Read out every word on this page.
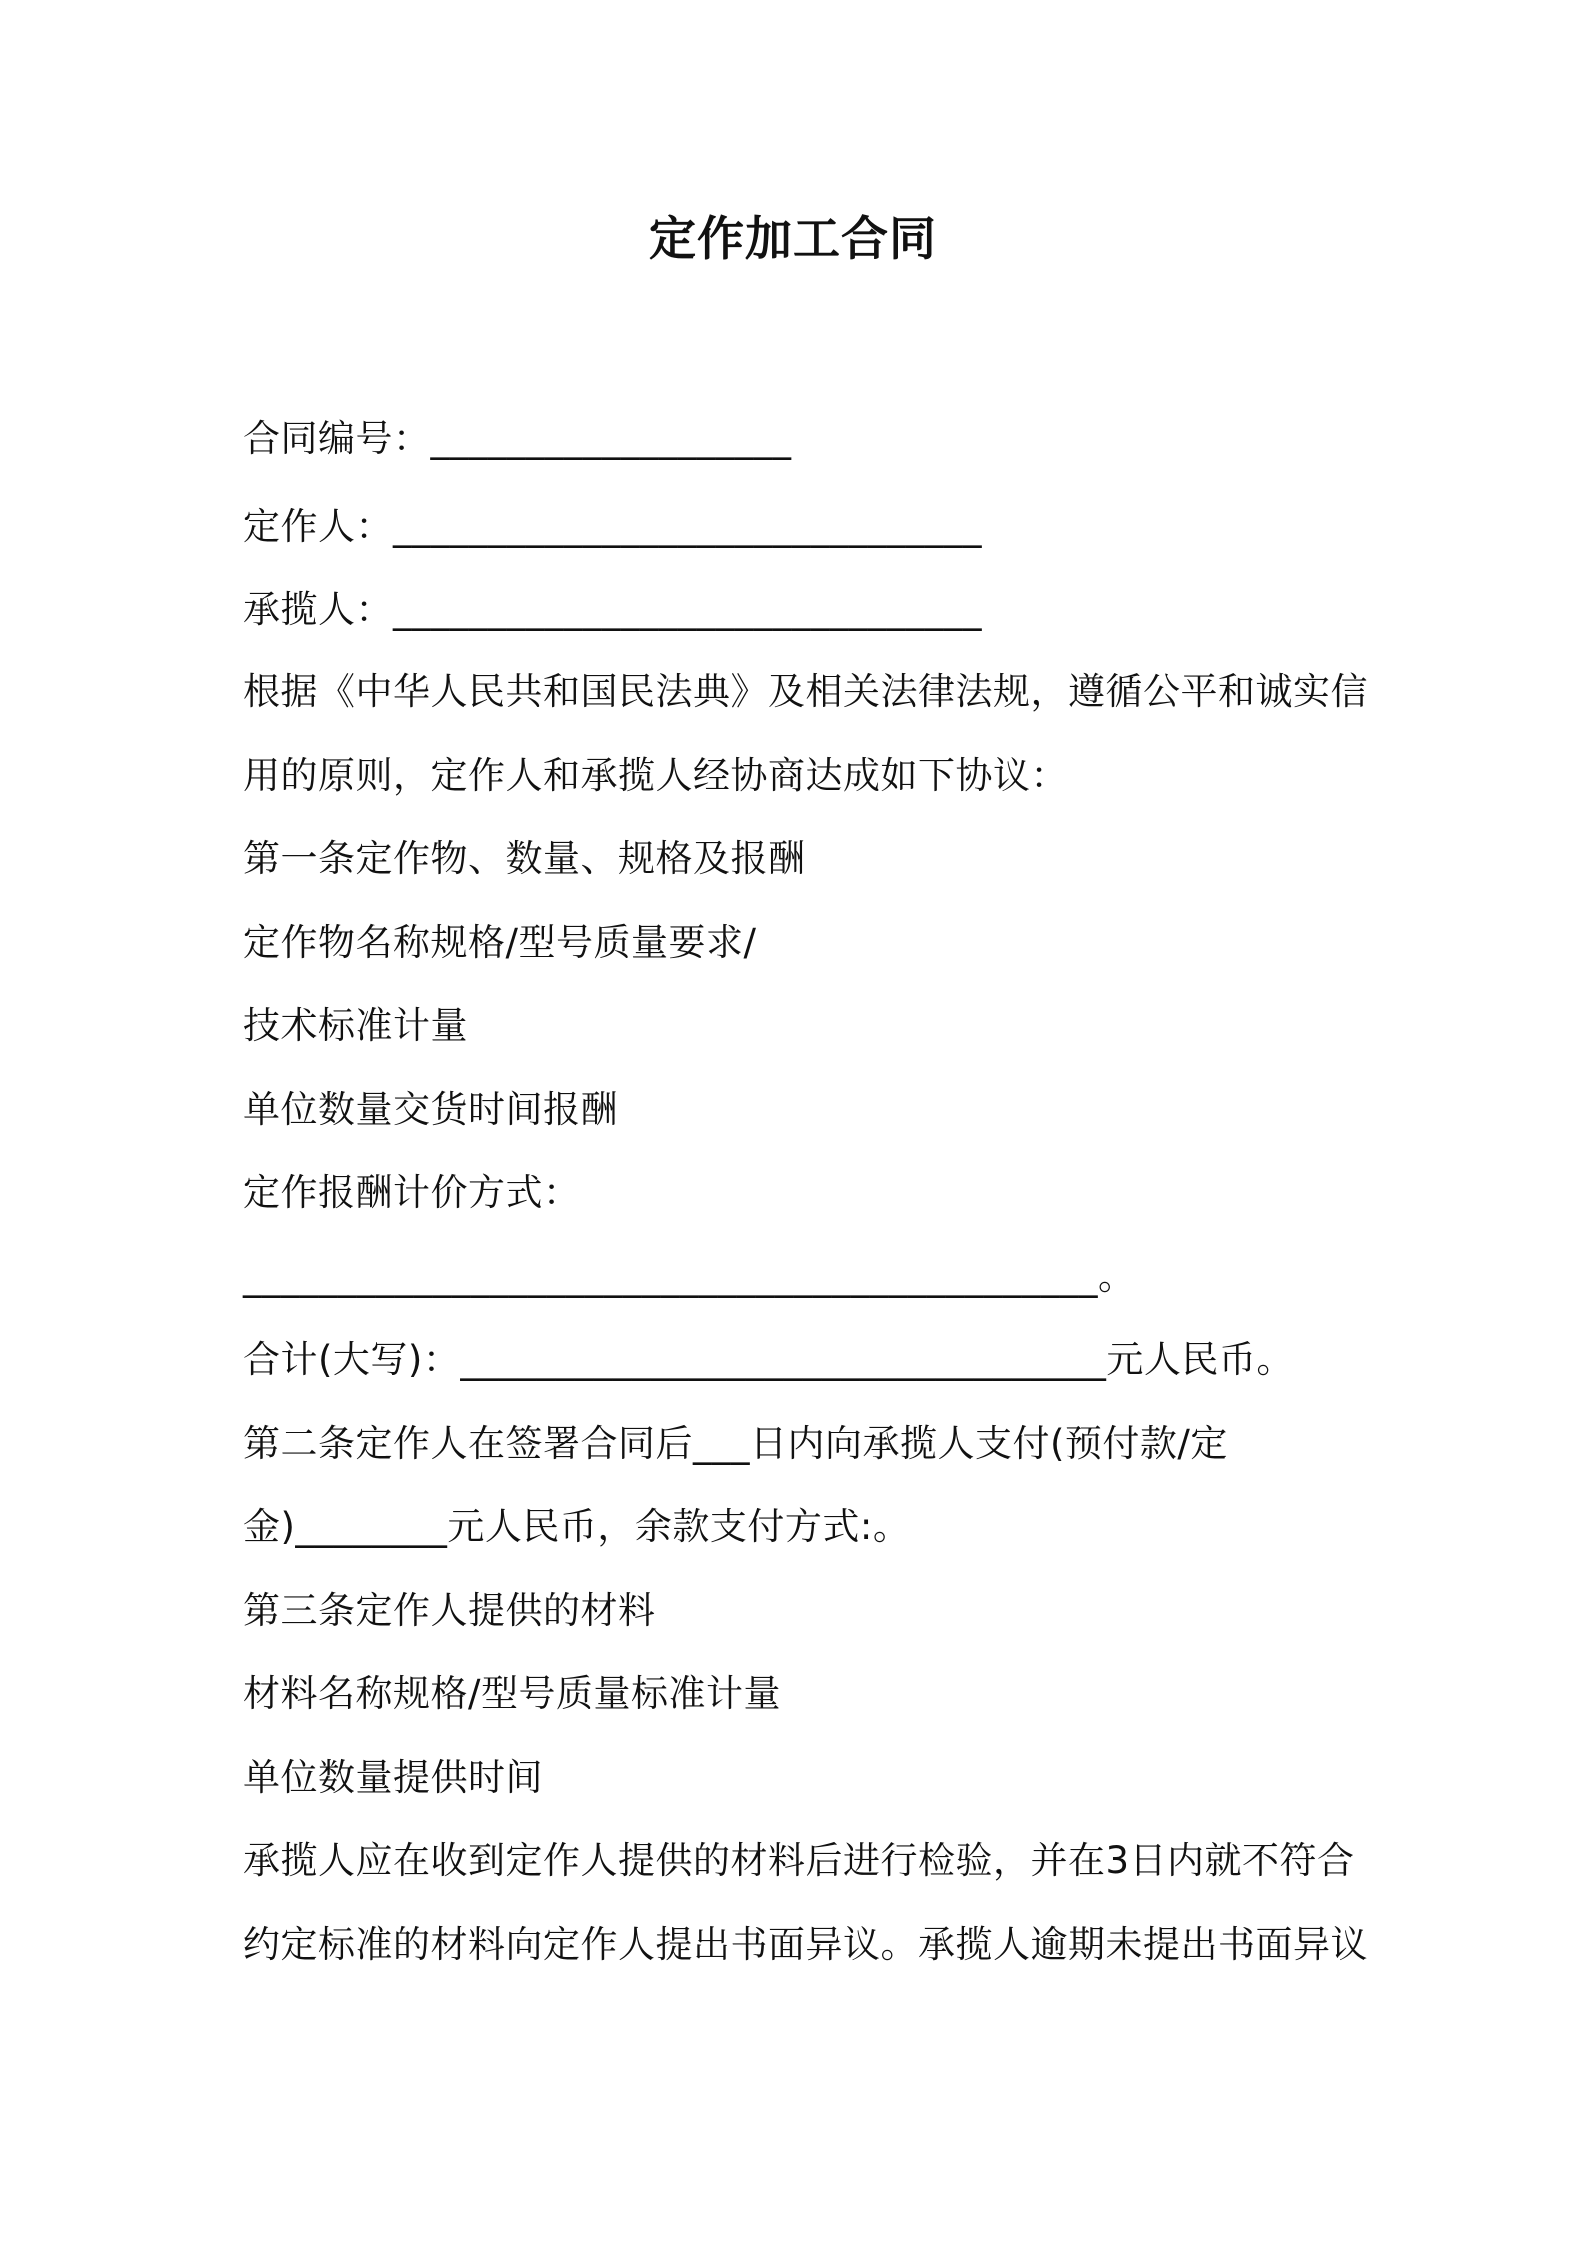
定作加工合同
合同编号：___________________
定作人：_______________________________
承揽人：_______________________________
根据《中华人民共和国民法典》及相关法律法规，遵循公平和诚实信
用的原则，定作人和承揽人经协商达成如下协议：
第一条定作物、数量、规格及报酬
定作物名称规格/型号质量要求/
技术标准计量
单位数量交货时间报酬
定作报酬计价方式：
_____________________________________________。
合计(大写)：__________________________________元人民币。
第二条定作人在签署合同后___日内向承揽人支付(预付款/定
金)________元人民币，余款支付方式:。
第三条定作人提供的材料
材料名称规格/型号质量标准计量
单位数量提供时间
承揽人应在收到定作人提供的材料后进行检验，并在3日内就不符合
约定标准的材料向定作人提出书面异议。承揽人逾期未提出书面异议
